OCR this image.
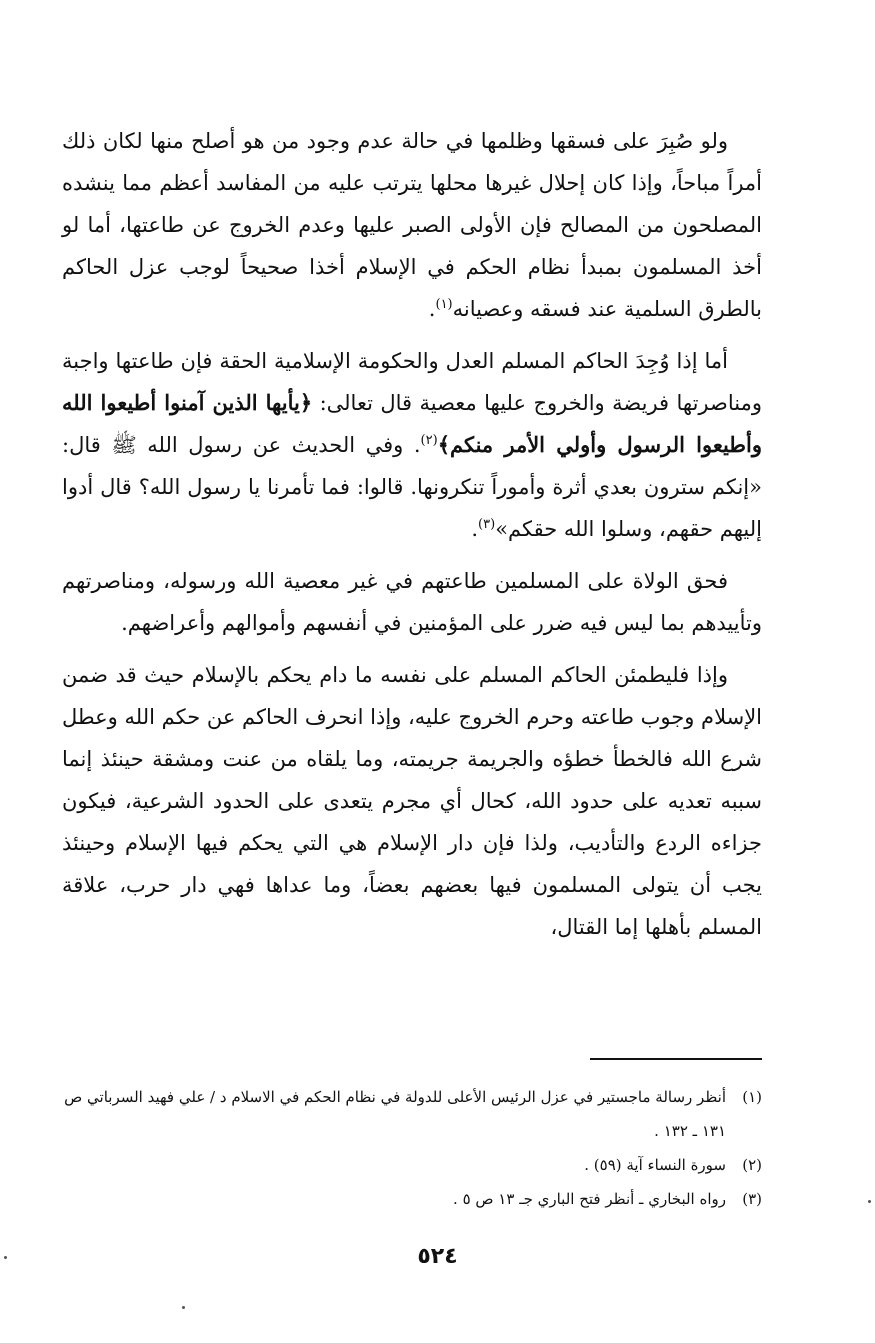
ولو صُبِرَ على فسقها وظلمها في حالة عدم وجود من هو أصلح منها لكان ذلك أمراً مباحاً، وإذا كان إحلال غيرها محلها يترتب عليه من المفاسد أعظم مما ينشده المصلحون من المصالح فإن الأولى الصبر عليها وعدم الخروج عن طاعتها، أما لو أخذ المسلمون بمبدأ نظام الحكم في الإسلام أخذا صحيحاً لوجب عزل الحاكم بالطرق السلمية عند فسقه وعصيانه$^{(١)}$.

أما إذا وُجِدَ الحاكم المسلم العدل والحكومة الإسلامية الحقة فإن طاعتها واجبة ومناصرتها فريضة والخروج عليها معصية قال تعالى: ﴿يأيها الذين آمنوا أطيعوا الله وأطيعوا الرسول وأولي الأمر منكم﴾$^{(٢)}$. وفي الحديث عن رسول الله ﷺ قال: «إنكم سترون بعدي أثرة وأموراً تنكرونها. قالوا: فما تأمرنا يا رسول الله؟ قال أدوا إليهم حقهم، وسلوا الله حقكم»$^{(٣)}$.

فحق الولاة على المسلمين طاعتهم في غير معصية الله ورسوله، ومناصرتهم وتأييدهم بما ليس فيه ضرر على المؤمنين في أنفسهم وأموالهم وأعراضهم.

وإذا فليطمئن الحاكم المسلم على نفسه ما دام يحكم بالإسلام حيث قد ضمن الإسلام وجوب طاعته وحرم الخروج عليه، وإذا انحرف الحاكم عن حكم الله وعطل شرع الله فالخطأ خطؤه والجريمة جريمته، وما يلقاه من عنت ومشقة حينئذ إنما سببه تعديه على حدود الله، كحال أي مجرم يتعدى على الحدود الشرعية، فيكون جزاءه الردع والتأديب، ولذا فإن دار الإسلام هي التي يحكم فيها الإسلام وحينئذ يجب أن يتولى المسلمون فيها بعضهم بعضاً، وما عداها فهي دار حرب، علاقة المسلم بأهلها إما القتال،

(١)
أنظر رسالة ماجستير في عزل الرئيس الأعلى للدولة في نظام الحكم في الاسلام د / علي فهيد السرباتي ص ١٣١ ـ ١٣٢ .

(٢)
سورة النساء آية (٥٩) .

(٣)
رواه البخاري ـ أنظر فتح الباري جـ ١٣ ص ٥ .

٥٢٤
